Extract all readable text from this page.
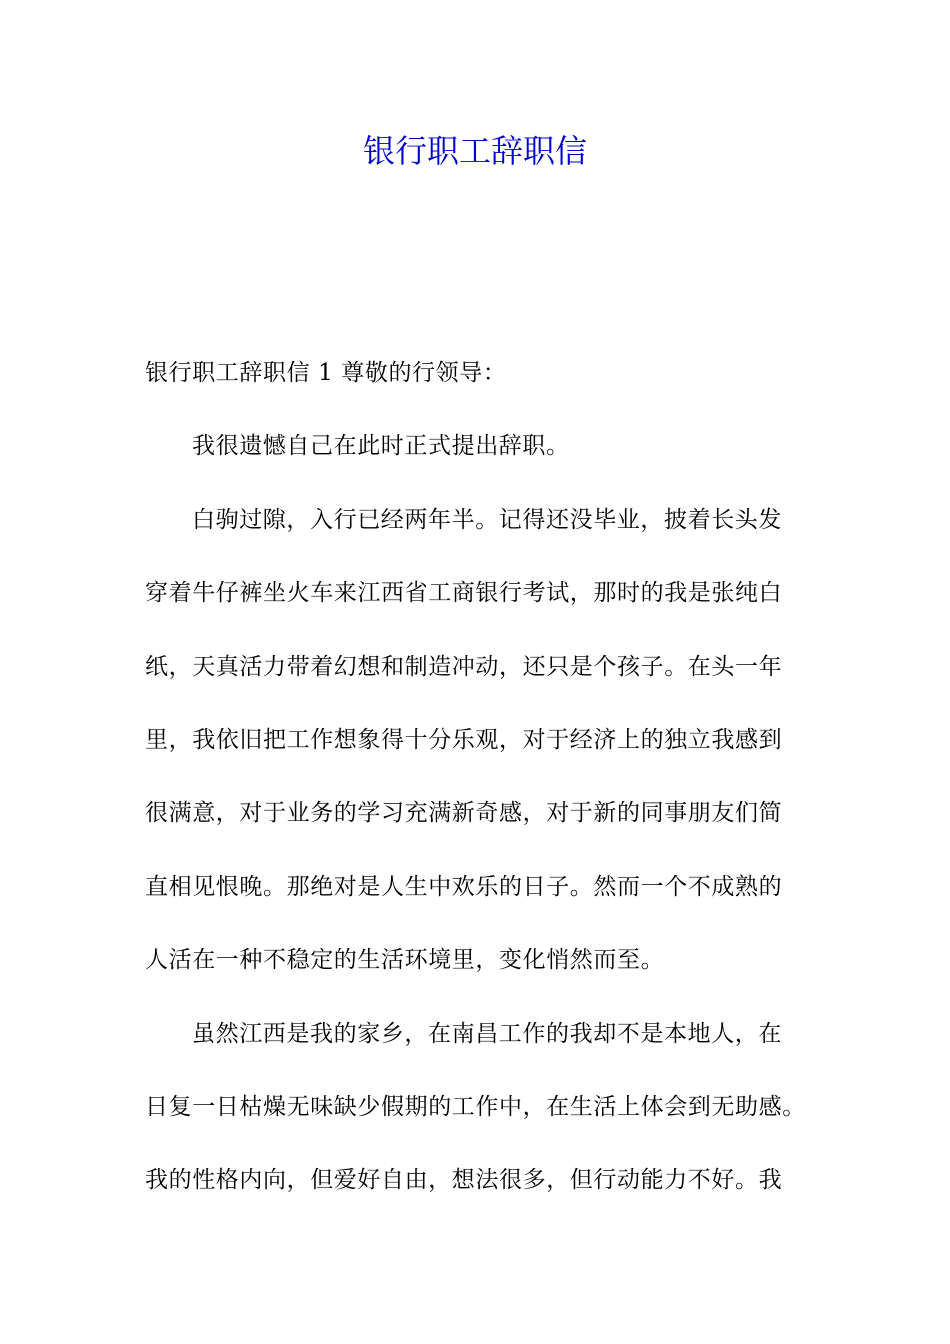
银行职工辞职信
银行职工辞职信 1 尊敬的行领导：
我很遗憾自己在此时正式提出辞职。
白驹过隙，入行已经两年半。记得还没毕业，披着长头发
穿着牛仔裤坐火车来江西省工商银行考试，那时的我是张纯白
纸，天真活力带着幻想和制造冲动，还只是个孩子。在头一年
里，我依旧把工作想象得十分乐观，对于经济上的独立我感到
很满意，对于业务的学习充满新奇感，对于新的同事朋友们简
直相见恨晚。那绝对是人生中欢乐的日子。然而一个不成熟的
人活在一种不稳定的生活环境里，变化悄然而至。
虽然江西是我的家乡，在南昌工作的我却不是本地人，在
日复一日枯燥无味缺少假期的工作中，在生活上体会到无助感。
我的性格内向，但爱好自由，想法很多，但行动能力不好。我
